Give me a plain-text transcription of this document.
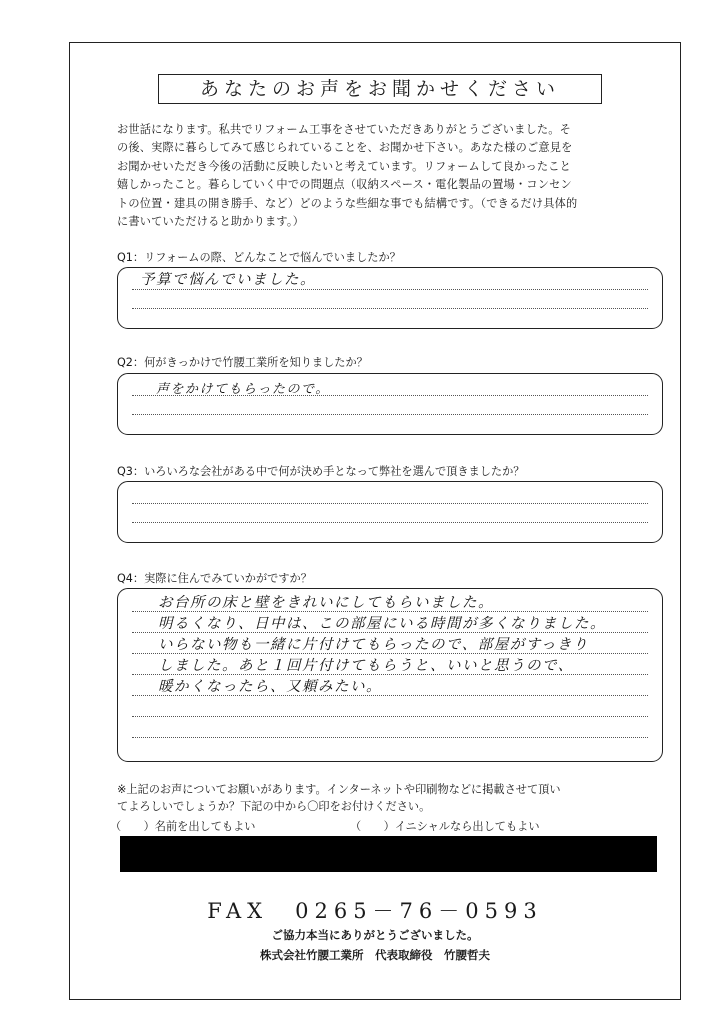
あなたのお声をお聞かせください
お世話になります。私共でリフォーム工事をさせていただきありがとうございました。そ
の後、実際に暮らしてみて感じられていることを、お聞かせ下さい。あなた様のご意見を
お聞かせいただき今後の活動に反映したいと考えています。リフォームして良かったこと
嬉しかったこと。暮らしていく中での問題点（収納スペース・電化製品の置場・コンセン
トの位置・建具の開き勝手、など）どのような些細な事でも結構です。（できるだけ具体的
に書いていただけると助かります。）
Q1：リフォームの際、どんなことで悩んでいましたか？
予算で悩んでいました。
Q2：何がきっかけで竹腰工業所を知りましたか？
声をかけてもらったので。
Q3：いろいろな会社がある中で何が決め手となって弊社を選んで頂きましたか？
Q4：実際に住んでみていかがですか？
お台所の床と壁をきれいにしてもらいました。
明るくなり、日中は、この部屋にいる時間が多くなりました。
いらない物も一緒に片付けてもらったので、部屋がすっきり
しました。あと１回片付けてもらうと、いいと思うので、
暖かくなったら、又頼みたい。
※上記のお声についてお願いがあります。インターネットや印刷物などに掲載させて頂い
てよろしいでしょうか？下記の中から〇印をお付けください。
（　　）名前を出してもよい	（　　）イニシャルなら出してもよい
FAX　0265－76－0593
ご協力本当にありがとうございました。
株式会社竹腰工業所　代表取締役　竹腰哲夫
